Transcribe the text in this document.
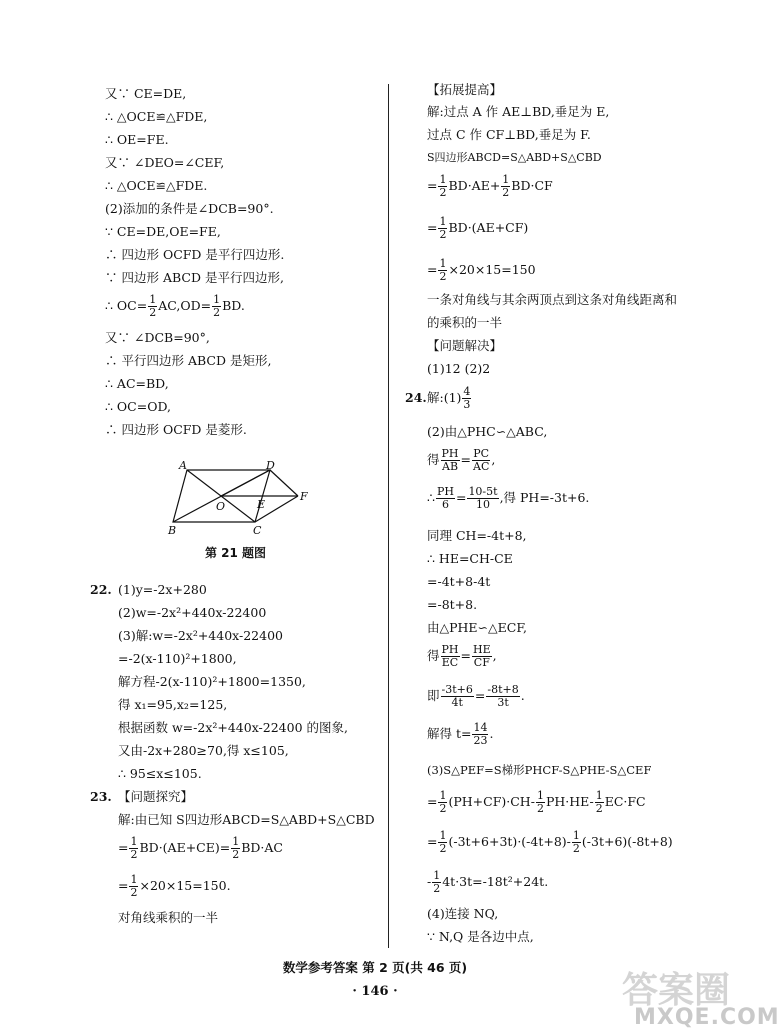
又∵ CE=DE,
∴ △OCE≌△FDE,
∴ OE=FE.
又∵ ∠DEO=∠CEF,
∴ △OCE≌△FDE.
(2)添加的条件是∠DCB=90°.
∵ CE=DE,OE=FE,
∴ 四边形 OCFD 是平行四边形.
∵ 四边形 ABCD 是平行四边形,
∴ $OC= \frac{1}{2} AC,OD= \frac{1}{2}$ BD.
又∵ ∠DCB=90°,
∴ 平行四边形 ABCD 是矩形,
∴ AC=BD,
∴ OC=OD,
∴ 四边形 OCFD 是菱形.
A	D
O	E
F
B	C
第 21 题图
22. (1)y=-2x+280
(2)w=-2x²+440x-22400
(3)解:w=-2x²+440x-22400
=-2(x-110)²+1800,
解方程-2(x-110)²+1800=1350,
得 x₁=95,x₂=125,
根据函数 w=-2x²+440x-22400 的图象,
又由-2x+280≥70,得 x≤105,
∴ 95≤x≤105.
23. 【问题探究】
解:由已知 S四边形ABCD=S△ABD+S△CBD
= $\frac{1}{2} BD\cdot(AE+CE)= \frac{1}{2} BD\cdot AC$
= $\frac{1}{2} \times 20\times 15=150$.
对角线乘积的一半
【拓展提高】
解:过点 A 作 AE⊥BD,垂足为 E,
过点 C 作 CF⊥BD,垂足为 F.
S四边形ABCD=S△ABD+S△CBD
= $\frac{1}{2} BD\cdot AE+ \frac{1}{2} BD\cdot CF$
= $\frac{1}{2} BD\cdot(AE+CF)$
= $\frac{1}{2} \times 20\times 15=150$
一条对角线与其余两顶点到这条对角线距离和
的乘积的一半
【问题解决】
(1)12 (2)2
24. 解:(1) $\frac{4}{3}$
(2)由△PHC∽△ABC,
得 $\frac{PH}{AB} = \frac{PC}{AC}$ ,
∴ $\frac{PH}{6} = \frac{10-5t}{10}$ ,得 PH=-3t+6.
同理 CH=-4t+8,
∴ HE=CH-CE
=-4t+8-4t
=-8t+8.
由△PHE∽△ECF,
得 $\frac{PH}{EC} = \frac{HE}{CF}$ ,
即 $\frac{-3t+6}{4t} = \frac{-8t+8}{3t}$ .
解得 $t= \frac{14}{23}$ .
(3)S△PEF=S梯形PHCF-S△PHE-S△CEF
= $\frac{1}{2} (PH+CF)\cdot CH- \frac{1}{2} PH\cdot HE- \frac{1}{2} EC\cdot FC$
= $\frac{1}{2} (-3t+6+3t)\cdot(-4t+8)- \frac{1}{2} (-3t+6)(-8t+8)$
- $\frac{1}{2} 4t\cdot 3t=-18t^2+24t$.
(4)连接 NQ,
∵ N,Q 是各边中点,
数学参考答案 第 2 页(共 46 页)
· 146 ·	答案圈
MXQE.COM
